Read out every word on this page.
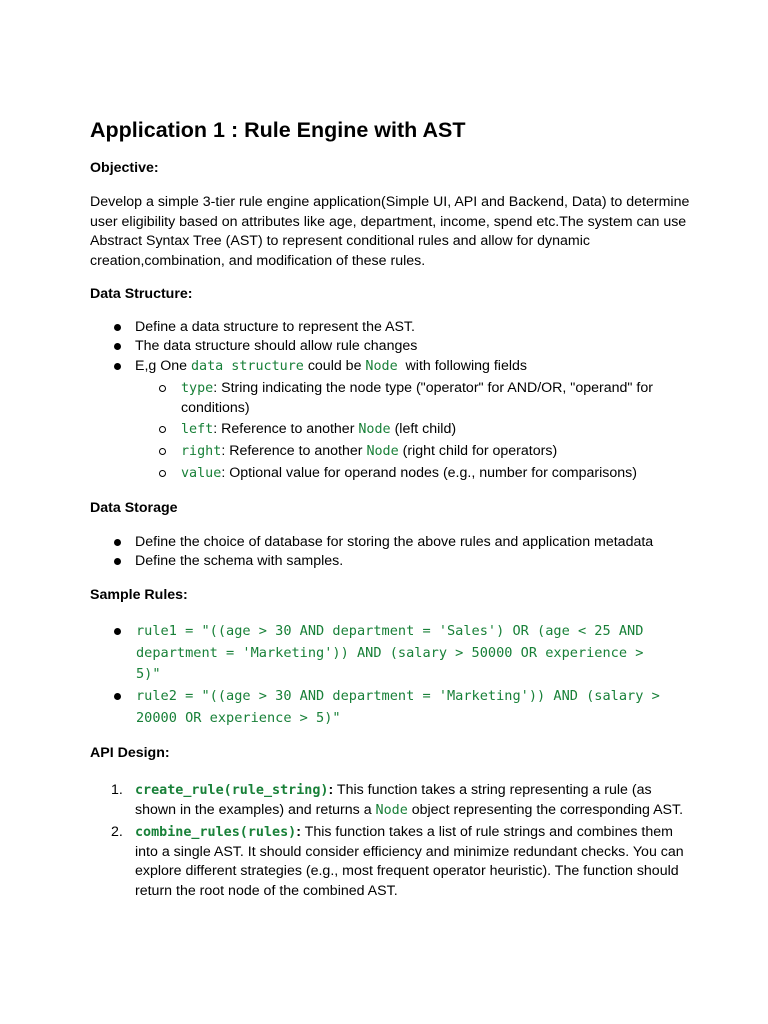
Application 1 : Rule Engine with AST
Objective:
Develop a simple 3-tier rule engine application(Simple UI, API and Backend, Data) to determine
user eligibility based on attributes like age, department, income, spend etc.The system can use
Abstract Syntax Tree (AST) to represent conditional rules and allow for dynamic
creation,combination, and modification of these rules.
Data Structure:
Define a data structure to represent the AST.
The data structure should allow rule changes
E,g One data structure could be Node  with following fields
type: String indicating the node type ("operator" for AND/OR, "operand" for
conditions)
left: Reference to another Node (left child)
right: Reference to another Node (right child for operators)
value: Optional value for operand nodes (e.g., number for comparisons)
Data Storage
Define the choice of database for storing the above rules and application metadata
Define the schema with samples.
Sample Rules:
rule1 = "((age > 30 AND department = 'Sales') OR (age < 25 AND
department = 'Marketing')) AND (salary > 50000 OR experience >
5)"
rule2 = "((age > 30 AND department = 'Marketing')) AND (salary >
20000 OR experience > 5)"
API Design:
1. create_rule(rule_string): This function takes a string representing a rule (as
shown in the examples) and returns a Node object representing the corresponding AST.
2. combine_rules(rules): This function takes a list of rule strings and combines them
into a single AST. It should consider efficiency and minimize redundant checks. You can
explore different strategies (e.g., most frequent operator heuristic). The function should
return the root node of the combined AST.
